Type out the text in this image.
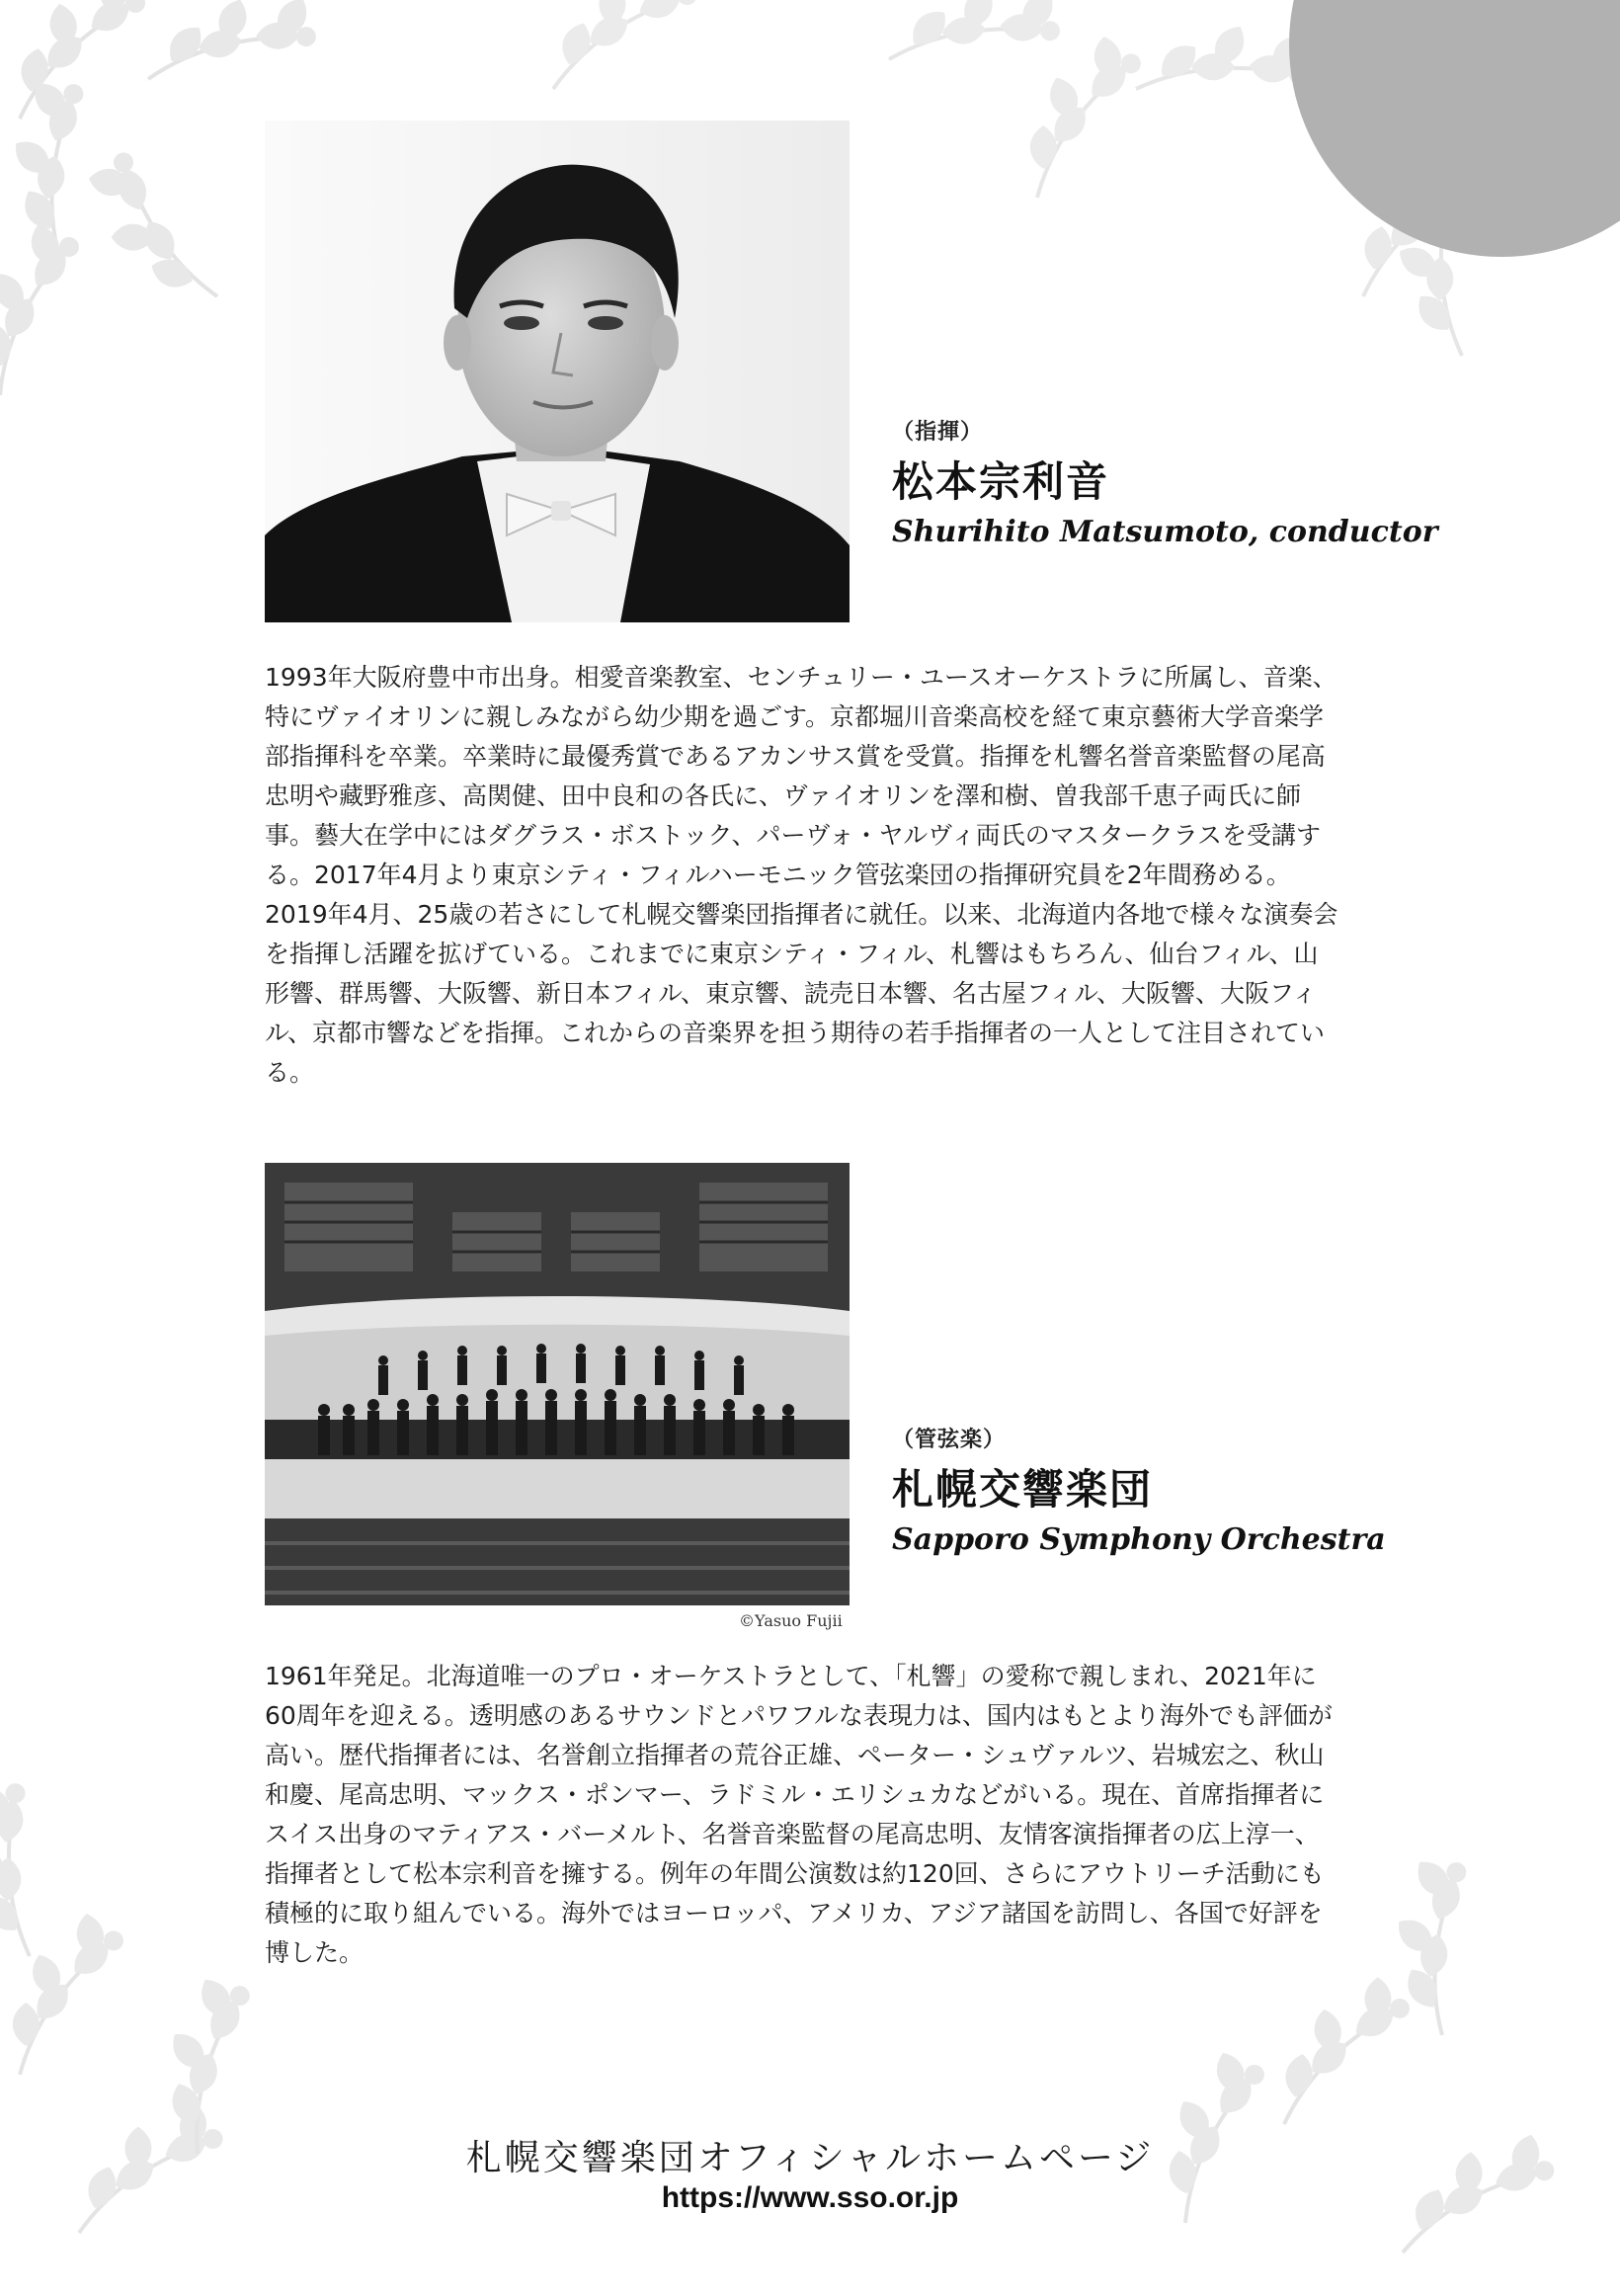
（指揮）
松本宗利音
Shurihito Matsumoto, conductor

1993年大阪府豊中市出身。相愛音楽教室、センチュリー・ユースオーケストラに所属し、音楽、特にヴァイオリンに親しみながら幼少期を過ごす。京都堀川音楽高校を経て東京藝術大学音楽学部指揮科を卒業。卒業時に最優秀賞であるアカンサス賞を受賞。指揮を札響名誉音楽監督の尾高忠明や藏野雅彦、高関健、田中良和の各氏に、ヴァイオリンを澤和樹、曽我部千恵子両氏に師事。藝大在学中にはダグラス・ボストック、パーヴォ・ヤルヴィ両氏のマスタークラスを受講する。2017年4月より東京シティ・フィルハーモニック管弦楽団の指揮研究員を2年間務める。2019年4月、25歳の若さにして札幌交響楽団指揮者に就任。以来、北海道内各地で様々な演奏会を指揮し活躍を拡げている。これまでに東京シティ・フィル、札響はもちろん、仙台フィル、山形響、群馬響、大阪響、新日本フィル、東京響、読売日本響、名古屋フィル、大阪響、大阪フィル、京都市響などを指揮。これからの音楽界を担う期待の若手指揮者の一人として注目されている。

©Yasuo Fujii
（管弦楽）
札幌交響楽団
Sapporo Symphony Orchestra

1961年発足。北海道唯一のプロ・オーケストラとして、「札響」の愛称で親しまれ、2021年に60周年を迎える。透明感のあるサウンドとパワフルな表現力は、国内はもとより海外でも評価が高い。歴代指揮者には、名誉創立指揮者の荒谷正雄、ペーター・シュヴァルツ、岩城宏之、秋山和慶、尾高忠明、マックス・ポンマー、ラドミル・エリシュカなどがいる。現在、首席指揮者にスイス出身のマティアス・バーメルト、名誉音楽監督の尾高忠明、友情客演指揮者の広上淳一、指揮者として松本宗利音を擁する。例年の年間公演数は約120回、さらにアウトリーチ活動にも積極的に取り組んでいる。海外ではヨーロッパ、アメリカ、アジア諸国を訪問し、各国で好評を博した。

札幌交響楽団オフィシャルホームページ
https://www.sso.or.jp
